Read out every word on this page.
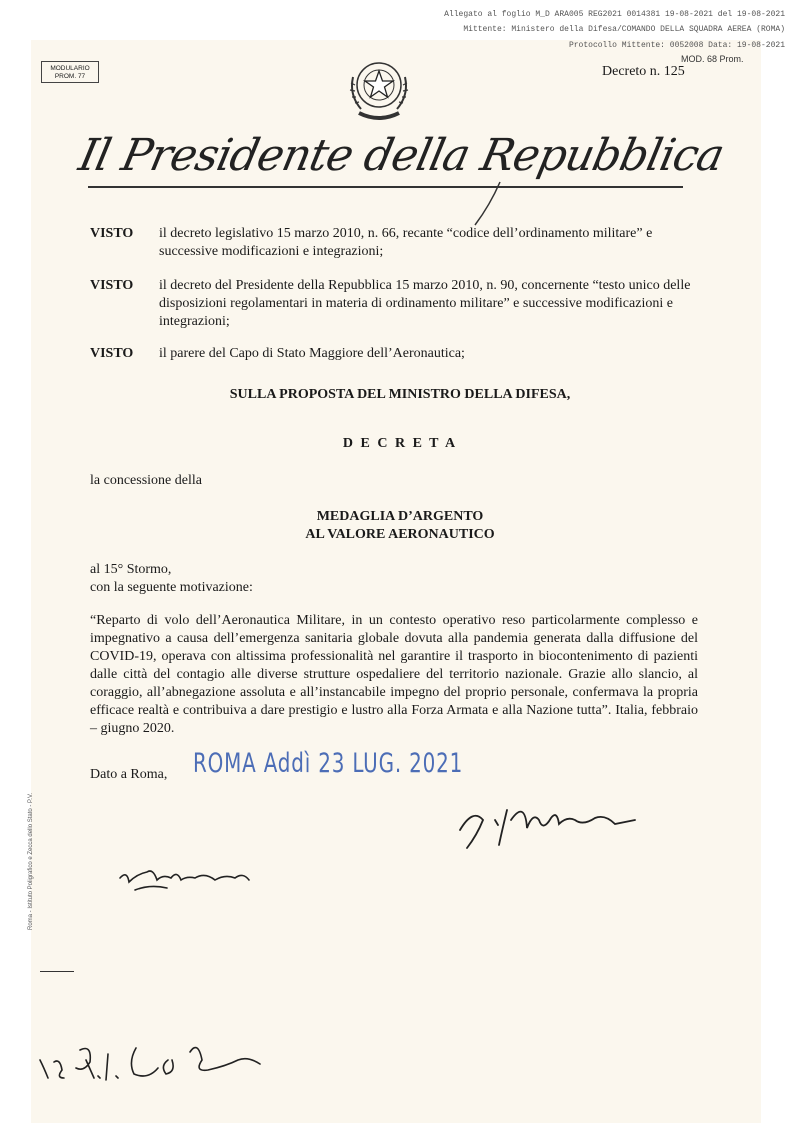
Allegato al foglio M_D ARA005 REG2021 0014381 19-08-2021 del 19-08-2021
Mittente: Ministero della Difesa/COMANDO DELLA SQUADRA AEREA (ROMA)
Protocollo Mittente: 0052008 Data: 19-08-2021
MODULARIO
PROM. 77
MOD. 68 Prom.
Decreto n. 125
Il Presidente della Repubblica
VISTO il decreto legislativo 15 marzo 2010, n. 66, recante “codice dell’ordinamento militare” e successive modificazioni e integrazioni;
VISTO il decreto del Presidente della Repubblica 15 marzo 2010, n. 90, concernente “testo unico delle disposizioni regolamentari in materia di ordinamento militare” e successive modificazioni e integrazioni;
VISTO il parere del Capo di Stato Maggiore dell’Aeronautica;
SULLA PROPOSTA DEL MINISTRO DELLA DIFESA,
D E C R E T A
la concessione della
MEDAGLIA D’ARGENTO
AL VALORE AERONAUTICO
al 15° Stormo,
con la seguente motivazione:
“Reparto di volo dell’Aeronautica Militare, in un contesto operativo reso particolarmente complesso e impegnativo a causa dell’emergenza sanitaria globale dovuta alla pandemia generata dalla diffusione del COVID-19, operava con altissima professionalità nel garantire il trasporto in biocontenimento di pazienti dalle città del contagio alle diverse strutture ospedaliere del territorio nazionale. Grazie allo slancio, al coraggio, all’abnegazione assoluta e all’instancabile impegno del proprio personale, confermava la propria efficace realtà e contribuiva a dare prestigio e lustro alla Forza Armata e alla Nazione tutta”. Italia, febbraio – giugno 2020.
Dato a Roma, ROMA Addì 23 LUG. 2021
Roma - Istituto Poligrafico e Zecca dello Stato - P.V.
